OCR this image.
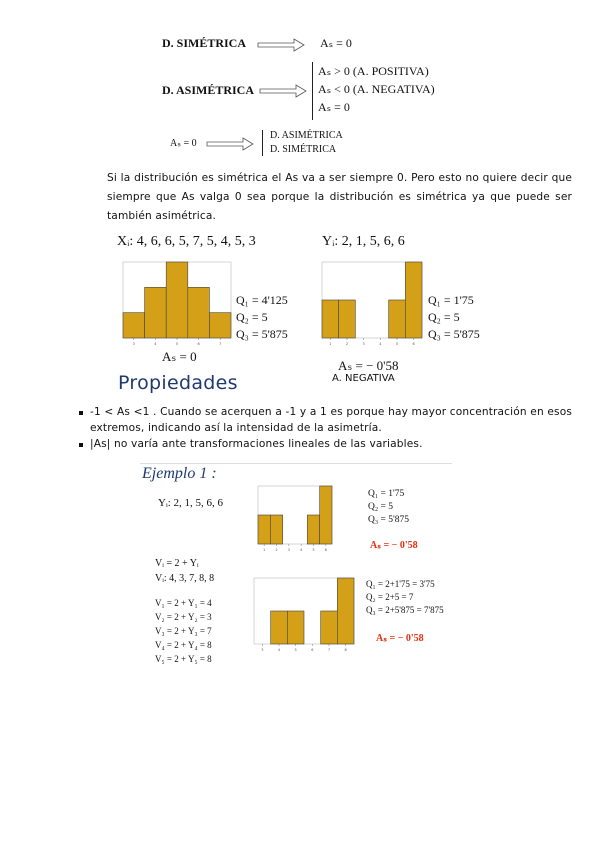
D. SIMÉTRICA	Aₛ = 0
D. ASIMÉTRICA
Aₛ > 0 (A. POSITIVA)
Aₛ < 0 (A. NEGATIVA)
Aₛ = 0
Aₛ = 0
D. ASIMÉTRICA
D. SIMÉTRICA
Si la distribución es simétrica el As va a ser siempre 0. Pero esto no quiere decir que siempre que As valga 0 sea porque la distribución es simétrica ya que puede ser también asimétrica.
Xᵢ: 4, 6, 6, 5, 7, 5, 4, 5, 3
3	4	5	6	7
Q₁ = 4'125
Q₂ = 5
Q₃ = 5'875
Aₛ = 0
Yᵢ: 2, 1, 5, 6, 6
1	2	3	4	5	6
Q₁ = 1'75
Q₂ = 5
Q₃ = 5'875
Aₛ = − 0'58
A. NEGATIVA
Propiedades
-1 < As <1 . Cuando se acerquen a -1 y a 1 es porque hay mayor concentración en esos extremos, indicando así la intensidad de la asimetría.
|As| no varía ante transformaciones lineales de las variables.
Ejemplo 1 :
Yᵢ: 2, 1, 5, 6, 6
1	2	3	4	5	6
Q₁ = 1'75
Q₂ = 5
Q₃ = 5'875
Aₛ = − 0'58
Vᵢ = 2 + Yᵢ
Vᵢ: 4, 3, 7, 8, 8
V₁ = 2 + Y₁ = 4
V₂ = 2 + Y₂ = 3
V₃ = 2 + Y₃ = 7
V₄ = 2 + Y₄ = 8
V₅ = 2 + Y₅ = 8
3	4	5	6	7	8
Q₁ = 2+1'75 = 3'75
Q₂ = 2+5 = 7
Q₃ = 2+5'875 = 7'875
Aₛ = − 0'58
